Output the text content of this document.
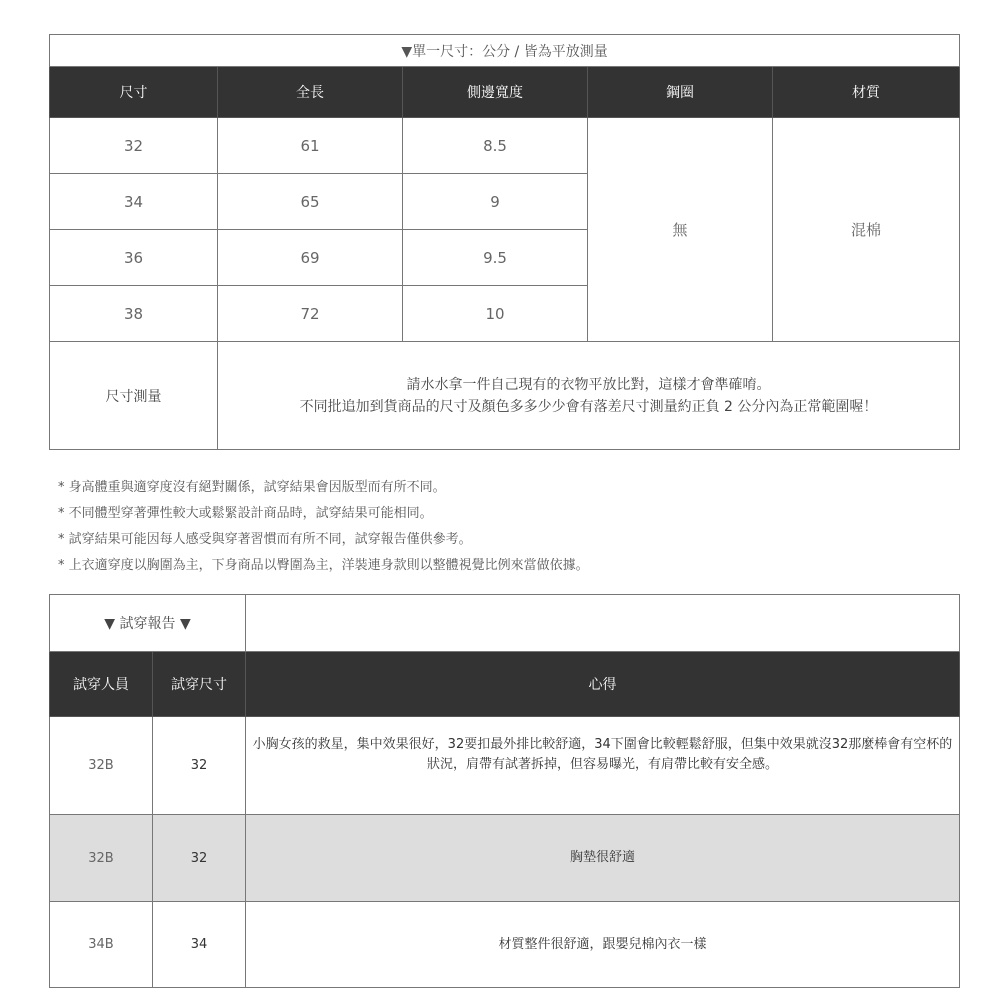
▼單一尺寸：公分 / 皆為平放測量				
尺寸	全長	側邊寬度	鋼圈	材質
32	61	8.5	無	混棉
34	65	9		
36	69	9.5		
38	72	10		
尺寸測量	請水水拿一件自己現有的衣物平放比對，這樣才會準確唷。
不同批追加到貨商品的尺寸及顏色多多少少會有落差尺寸測量約正負 2 公分內為正常範圍喔！			
* 身高體重與適穿度沒有絕對關係，試穿結果會因版型而有所不同。
* 不同體型穿著彈性較大或鬆緊設計商品時，試穿結果可能相同。
* 試穿結果可能因每人感受與穿著習慣而有所不同，試穿報告僅供參考。
* 上衣適穿度以胸圍為主，下身商品以臀圍為主，洋裝連身款則以整體視覺比例來當做依據。
▼ 試穿報告 ▼		
試穿人員	試穿尺寸	心得
32B	32	小胸女孩的救星，集中效果很好，32要扣最外排比較舒適，34下圍會比較輕鬆舒服，但集中效果就沒32那麼棒會有空杯的狀況，肩帶有試著拆掉，但容易曝光，有肩帶比較有安全感。
32B	32	胸墊很舒適
34B	34	材質整件很舒適，跟嬰兒棉內衣一樣
